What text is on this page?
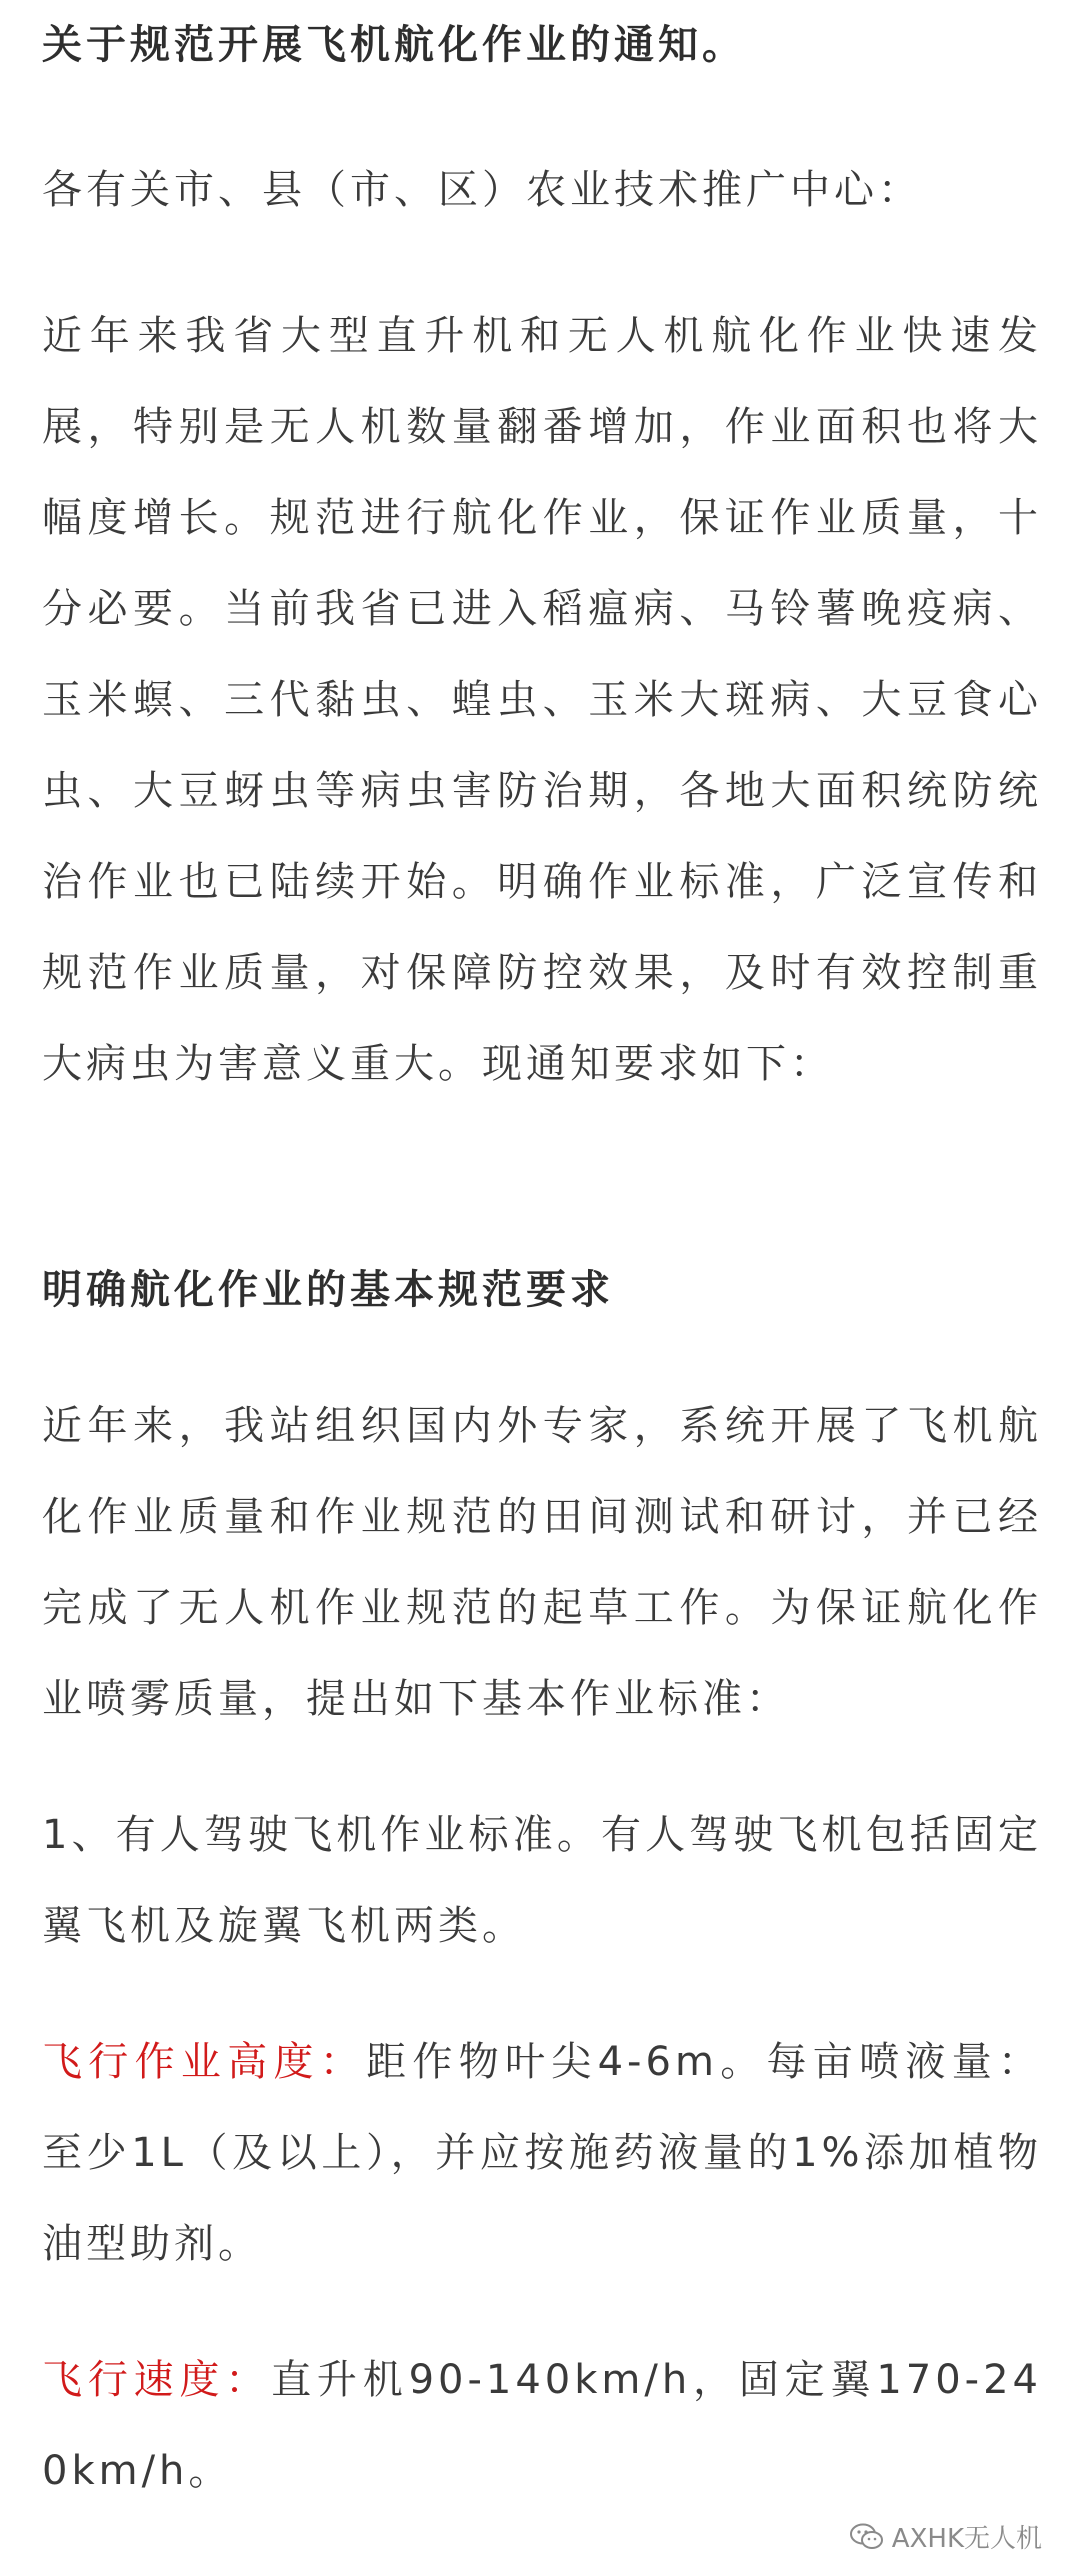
关于规范开展飞机航化作业的通知。
各有关市、县（市、区）农业技术推广中心：
近年来我省大型直升机和无人机航化作业快速发展，特别是无人机数量翻番增加，作业面积也将大幅度增长。规范进行航化作业，保证作业质量，十分必要。当前我省已进入稻瘟病、马铃薯晚疫病、玉米螟、三代黏虫、蝗虫、玉米大斑病、大豆食心虫、大豆蚜虫等病虫害防治期，各地大面积统防统治作业也已陆续开始。明确作业标准，广泛宣传和规范作业质量，对保障防控效果，及时有效控制重大病虫为害意义重大。现通知要求如下：
明确航化作业的基本规范要求
近年来，我站组织国内外专家，系统开展了飞机航化作业质量和作业规范的田间测试和研讨，并已经完成了无人机作业规范的起草工作。为保证航化作业喷雾质量，提出如下基本作业标准：
1、有人驾驶飞机作业标准。有人驾驶飞机包括固定翼飞机及旋翼飞机两类。
飞行作业高度：距作物叶尖4-6m。每亩喷液量：至少1L（及以上），并应按施药液量的1%添加植物油型助剂。
飞行速度：直升机90-140km/h，固定翼170-240km/h。
AXHK无人机
